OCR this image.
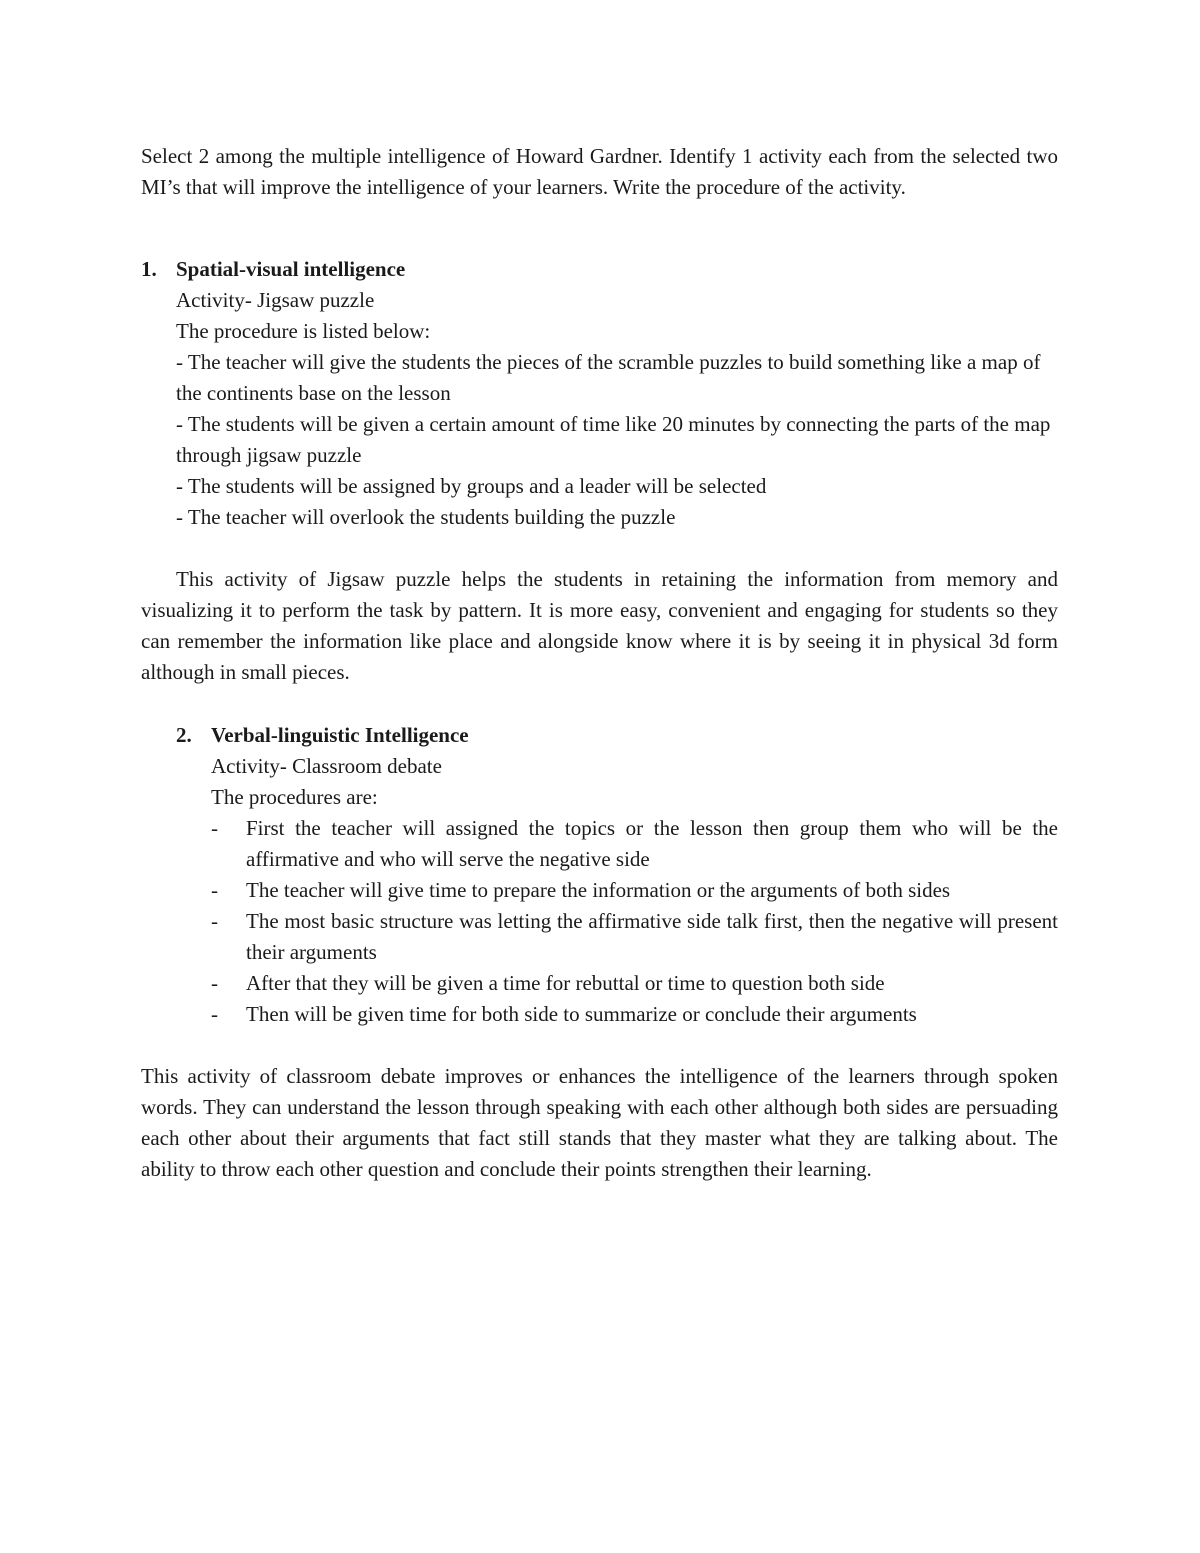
Select 2 among the multiple intelligence of Howard Gardner. Identify 1 activity each from the selected two MI’s that will improve the intelligence of your learners. Write the procedure of the activity.

1. Spatial-visual intelligence

Activity- Jigsaw puzzle

The procedure is listed below:

- The teacher will give the students the pieces of the scramble puzzles to build something like a map of the continents base on the lesson
- The students will be given a certain amount of time like 20 minutes by connecting the parts of the map through jigsaw puzzle
- The students will be assigned by groups and a leader will be selected
- The teacher will overlook the students building the puzzle

This activity of Jigsaw puzzle helps the students in retaining the information from memory and visualizing it to perform the task by pattern. It is more easy, convenient and engaging for students so they can remember the information like place and alongside know where it is by seeing it in physical 3d form although in small pieces.

2. Verbal-linguistic Intelligence

Activity- Classroom debate

The procedures are:

-	First the teacher will assigned the topics or the lesson then group them who will be the affirmative and who will serve the negative side
-	The teacher will give time to prepare the information or the arguments of both sides
-	The most basic structure was letting the affirmative side talk first, then the negative will present their arguments
-	After that they will be given a time for rebuttal or time to question both side
-	Then will be given time for both side to summarize or conclude their arguments

This activity of classroom debate improves or enhances the intelligence of the learners through spoken words. They can understand the lesson through speaking with each other although both sides are persuading each other about their arguments that fact still stands that they master what they are talking about. The ability to throw each other question and conclude their points strengthen their learning.
